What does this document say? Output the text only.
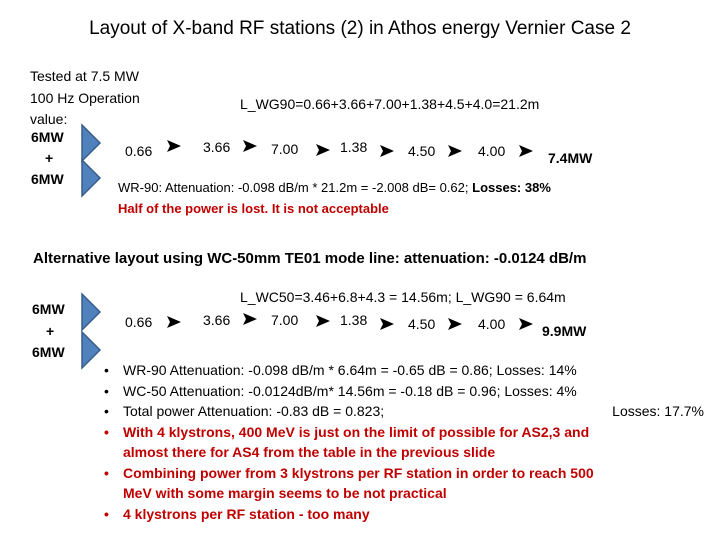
Layout of X-band RF stations (2) in Athos energy Vernier Case 2
Tested at 7.5 MW
100 Hz Operation
value:
6MW
+
6MW
L_WG90=0.66+3.66+7.00+1.38+4.5+4.0=21.2m
0.66	3.66	7.00	1.38	4.50	4.00	7.4MW
WR-90: Attenuation: -0.098 dB/m * 21.2m = -2.008 dB= 0.62; Losses: 38%
Half of the power is lost. It is not acceptable
Alternative layout using WC-50mm TE01 mode line: attenuation: -0.0124 dB/m
6MW
+
6MW
L_WC50=3.46+6.8+4.3 = 14.56m; L_WG90 = 6.64m
0.66	3.66	7.00	1.38	4.50	4.00	9.9MW
• WR-90 Attenuation: -0.098 dB/m * 6.64m = -0.65 dB = 0.86; Losses: 14%
• WC-50 Attenuation: -0.0124dB/m* 14.56m = -0.18 dB = 0.96; Losses: 4%
• Total power Attenuation: -0.83 dB = 0.823;	Losses: 17.7%
• With 4 klystrons, 400 MeV is just on the limit of possible for AS2,3 and
almost there for AS4 from the table in the previous slide
• Combining power from 3 klystrons per RF station in order to reach 500
MeV with some margin seems to be not practical
• 4 klystrons per RF station - too many
